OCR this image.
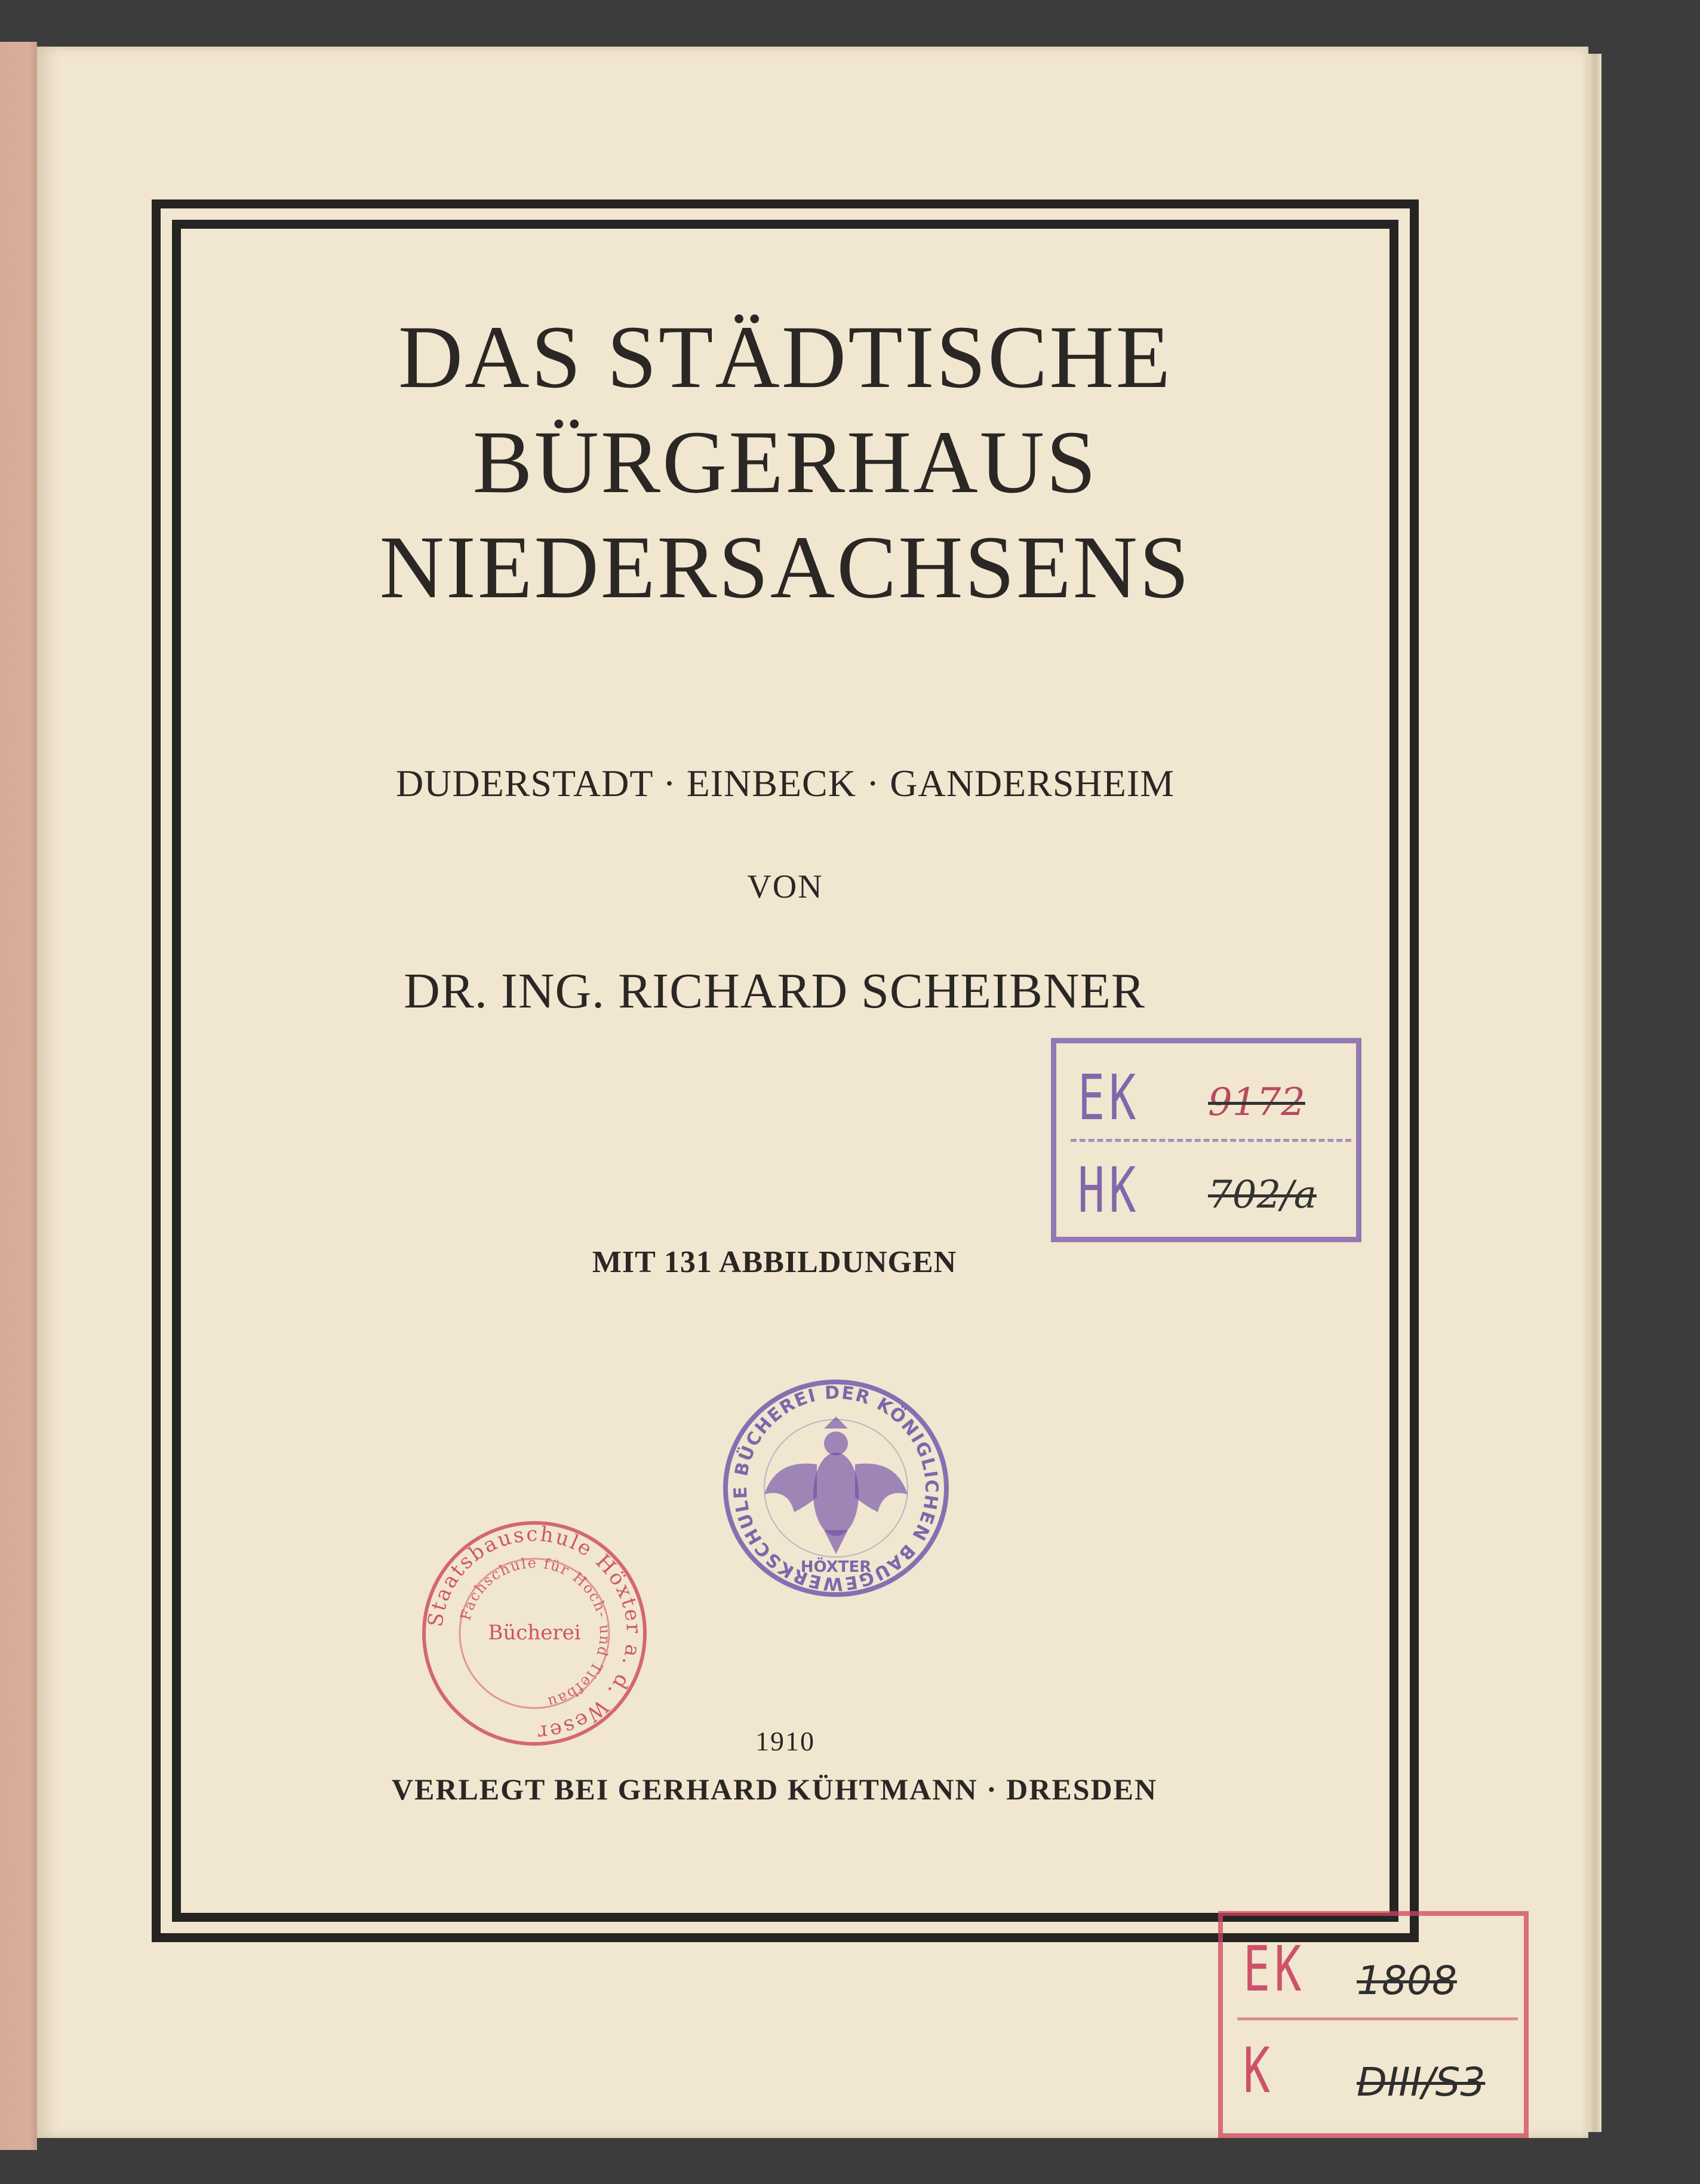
DAS STÄDTISCHE
BÜRGERHAUS
NIEDERSACHSENS

DUDERSTADT · EINBECK · GANDERSHEIM

VON

DR. ING. RICHARD SCHEIBNER

MIT 131 ABBILDUNGEN

1910

VERLEGT BEI GERHARD KÜHTMANN · DRESDEN

EK 9172
HK 702/a
EK 1808
K DIII/S3
BÜCHEREI DER KÖNIGLICHEN BAUGEWERKSCHULE
HÖXTER
Staatsbauschule Höxter a. d. Weser
Fachschule für Hoch- und Tiefbau
Bücherei
